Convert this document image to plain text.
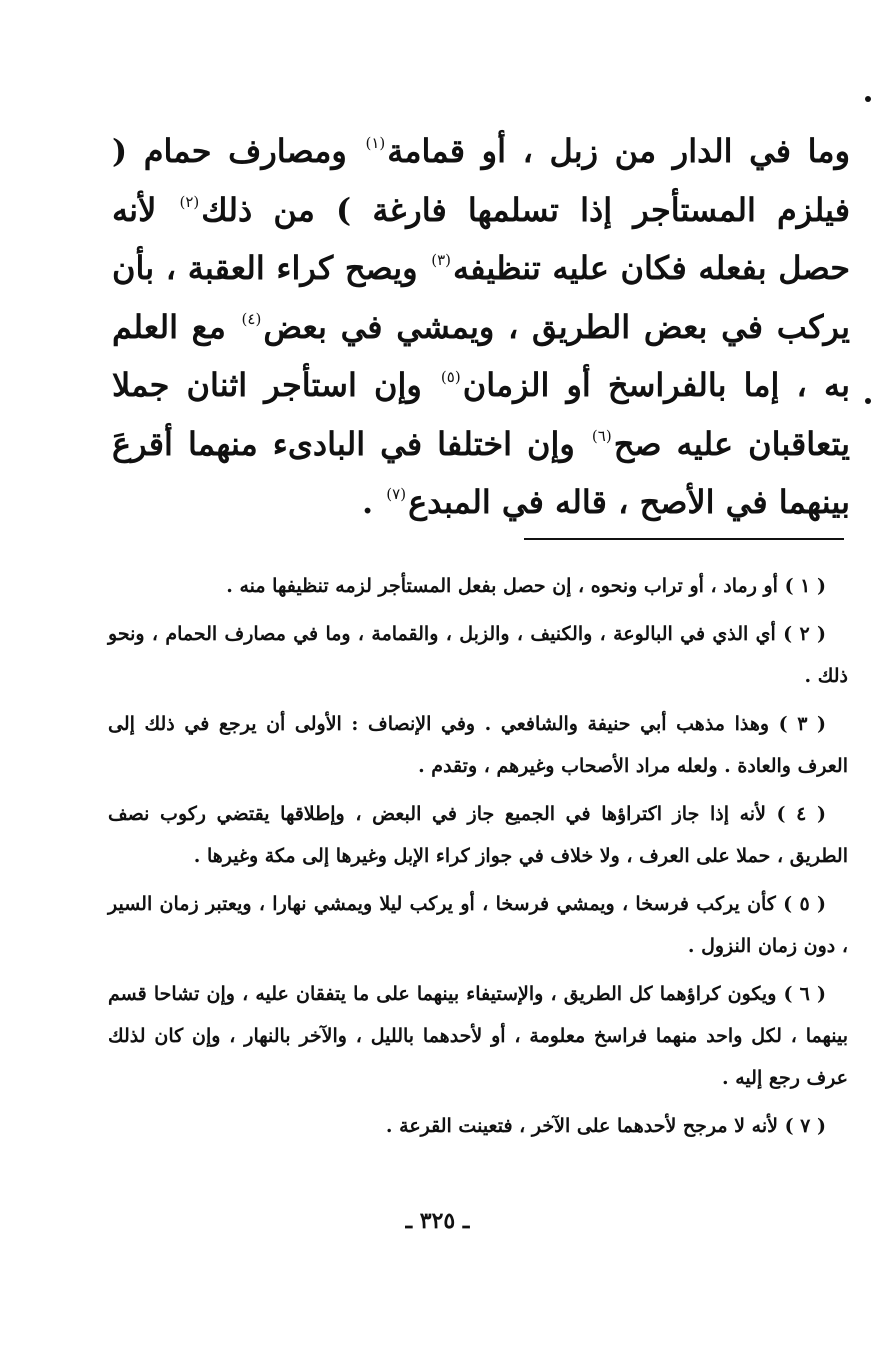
وما في الدار من زبل ، أو قمامة$^{(١)}$ ومصارف حمام ( فيلزم المستأجر إذا تسلمها فارغة ) من ذلك$^{(٢)}$ لأنه حصل بفعله فكان عليه تنظيفه$^{(٣)}$ ويصح كراء العقبة ، بأن يركب في بعض الطريق ، ويمشي في بعض$^{(٤)}$ مع العلم به ، إما بالفراسخ أو الزمان$^{(٥)}$ وإن استأجر اثنان جملا يتعاقبان عليه صح$^{(٦)}$ وإن اختلفا في البادىء منهما أقرعَ بينهما في الأصح ، قاله في المبدع$^{(٧)}$ .

( ١ ) أو رماد ، أو تراب ونحوه ، إن حصل بفعل المستأجر لزمه تنظيفها منه .

( ٢ ) أي الذي في البالوعة ، والكنيف ، والزبل ، والقمامة ، وما في مصارف الحمام ، ونحو ذلك .

( ٣ ) وهذا مذهب أبي حنيفة والشافعي . وفي الإنصاف : الأولى أن يرجع في ذلك إلى العرف والعادة . ولعله مراد الأصحاب وغيرهم ، وتقدم .

( ٤ ) لأنه إذا جاز اكتراؤها في الجميع جاز في البعض ، وإطلاقها يقتضي ركوب نصف الطريق ، حملا على العرف ، ولا خلاف في جواز كراء الإبل وغيرها إلى مكة وغيرها .

( ٥ ) كأن يركب فرسخا ، ويمشي فرسخا ، أو يركب ليلا ويمشي نهارا ، ويعتبر زمان السير ، دون زمان النزول .

( ٦ ) ويكون كراؤهما كل الطريق ، والإستيفاء بينهما على ما يتفقان عليه ، وإن تشاحا قسم بينهما ، لكل واحد منهما فراسخ معلومة ، أو لأحدهما بالليل ، والآخر بالنهار ، وإن كان لذلك عرف رجع إليه .

( ٧ ) لأنه لا مرجح لأحدهما على الآخر ، فتعينت القرعة .

ـ ٣٢٥ ـ
